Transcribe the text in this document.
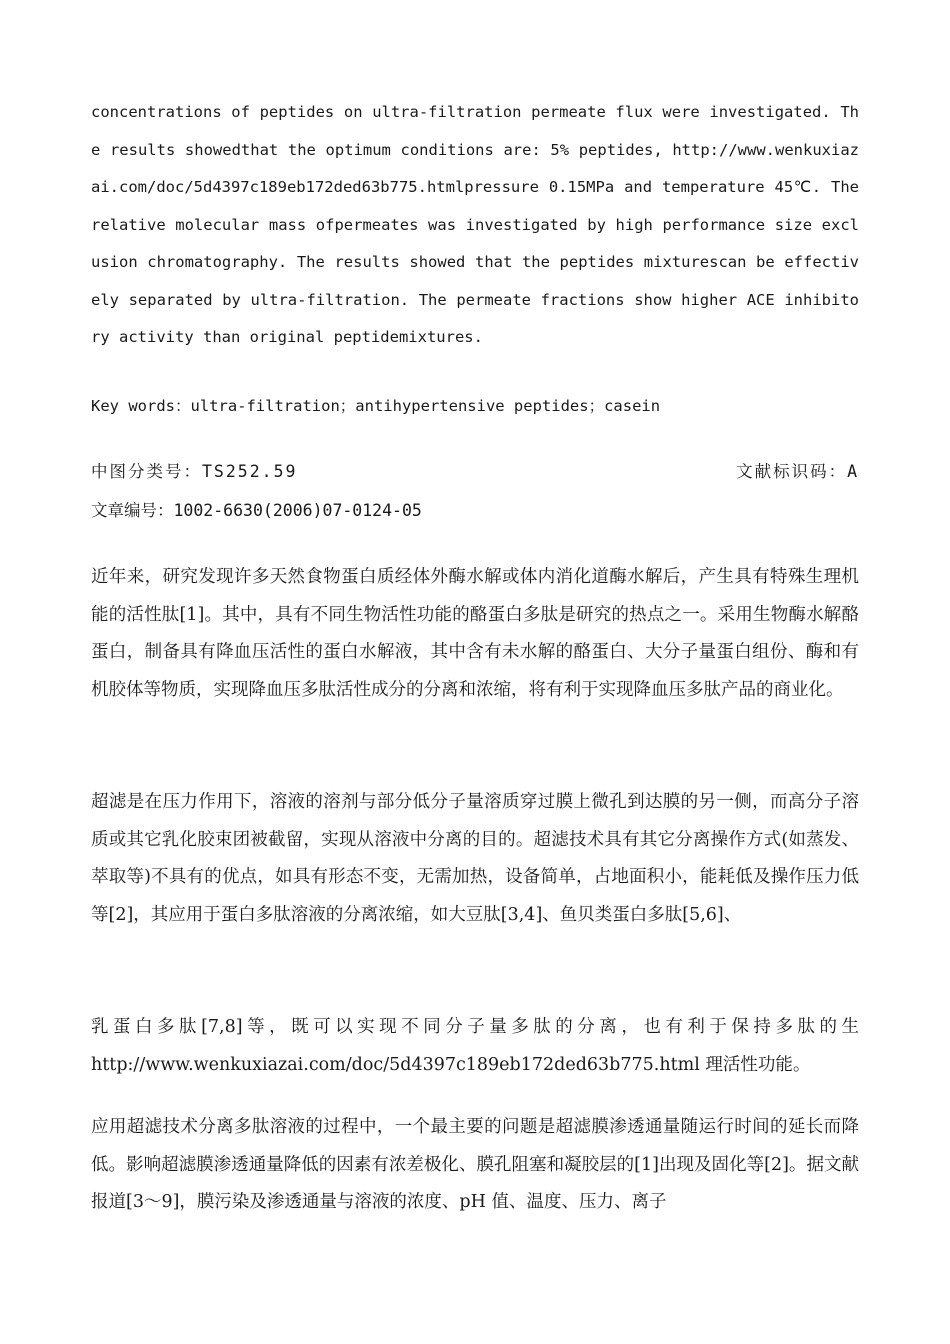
concentrations of peptides on ultra-filtration permeate flux were investigated. The results showedthat the optimum conditions are: 5% peptides, http://www.wenkuxiazai.com/doc/5d4397c189eb172ded63b775.htmlpressure 0.15MPa and temperature 45℃. The relative molecular mass ofpermeates was investigated by high performance size exclusion chromatography. The results showed that the peptides mixturescan be effectively separated by ultra-filtration. The permeate fractions show higher ACE inhibitory activity than original peptidemixtures.

Key words：ultra-filtration；antihypertensive peptides；casein

中图分类号：TS252.59	文献标识码：A
文章编号：1002-6630(2006)07-0124-05

近年来，研究发现许多天然食物蛋白质经体外酶水解或体内消化道酶水解后，产生具有特殊生理机能的活性肽[1]。其中，具有不同生物活性功能的酪蛋白多肽是研究的热点之一。采用生物酶水解酪蛋白，制备具有降血压活性的蛋白水解液，其中含有未水解的酪蛋白、大分子量蛋白组份、酶和有机胶体等物质，实现降血压多肽活性成分的分离和浓缩，将有利于实现降血压多肽产品的商业化。

超滤是在压力作用下，溶液的溶剂与部分低分子量溶质穿过膜上微孔到达膜的另一侧，而高分子溶质或其它乳化胶束团被截留，实现从溶液中分离的目的。超滤技术具有其它分离操作方式(如蒸发、萃取等)不具有的优点，如具有形态不变，无需加热，设备简单，占地面积小，能耗低及操作压力低等[2]，其应用于蛋白多肽溶液的分离浓缩，如大豆肽[3,4]、鱼贝类蛋白多肽[5,6]、

乳蛋白多肽[7,8]等，既可以实现不同分子量多肽的分离，也有利于保持多肽的生 http://www.wenkuxiazai.com/doc/5d4397c189eb172ded63b775.html 理活性功能。

应用超滤技术分离多肽溶液的过程中，一个最主要的问题是超滤膜渗透通量随运行时间的延长而降低。影响超滤膜渗透通量降低的因素有浓差极化、膜孔阻塞和凝胶层的[1]出现及固化等[2]。据文献报道[3～9]，膜污染及渗透通量与溶液的浓度、pH 值、温度、压力、离子
